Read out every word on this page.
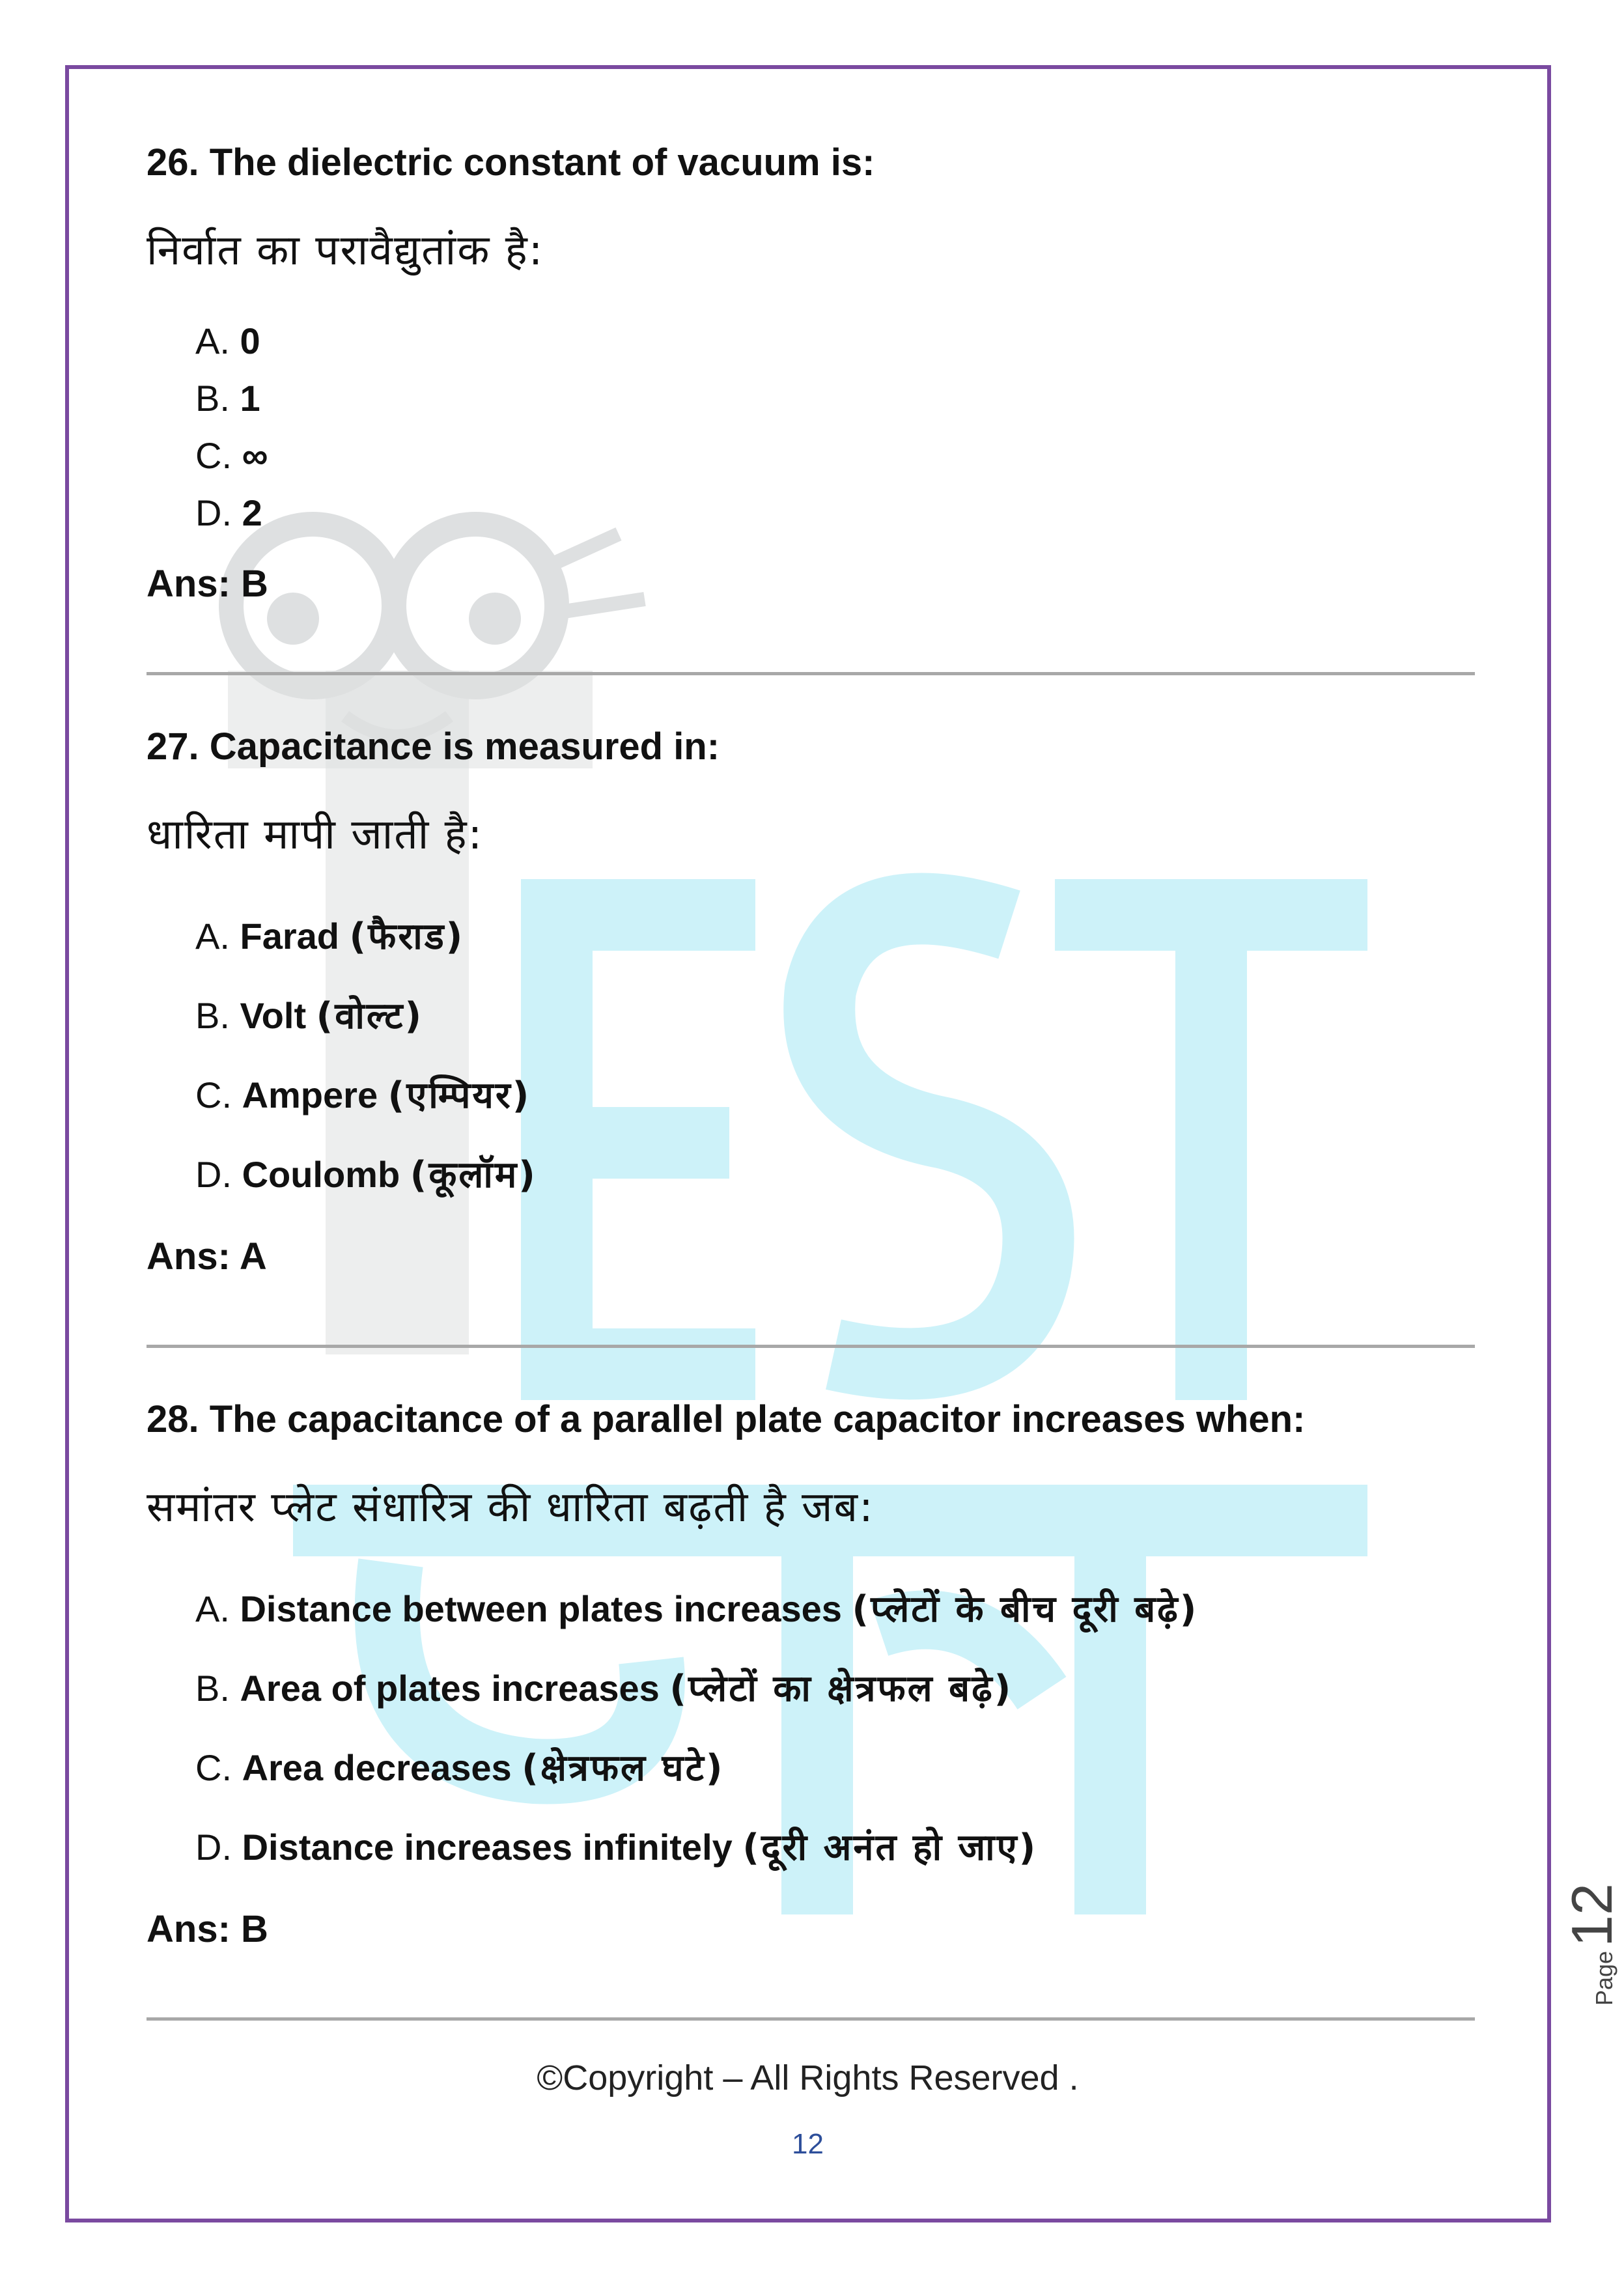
26. The dielectric constant of vacuum is:

निर्वात का परावैद्युतांक है:

A. 0
B. 1
C. ∞
D. 2

Ans: B

27. Capacitance is measured in:

धारिता मापी जाती है:

A. Farad (फैराड)
B. Volt (वोल्ट)
C. Ampere (एम्पियर)
D. Coulomb (कूलॉम)

Ans: A

28. The capacitance of a parallel plate capacitor increases when:

समांतर प्लेट संधारित्र की धारिता बढ़ती है जब:

A. Distance between plates increases (प्लेटों के बीच दूरी बढ़े)
B. Area of plates increases (प्लेटों का क्षेत्रफल बढ़े)
C. Area decreases (क्षेत्रफल घटे)
D. Distance increases infinitely (दूरी अनंत हो जाए)

Ans: B

©Copyright – All Rights Reserved .
12
Page
12
